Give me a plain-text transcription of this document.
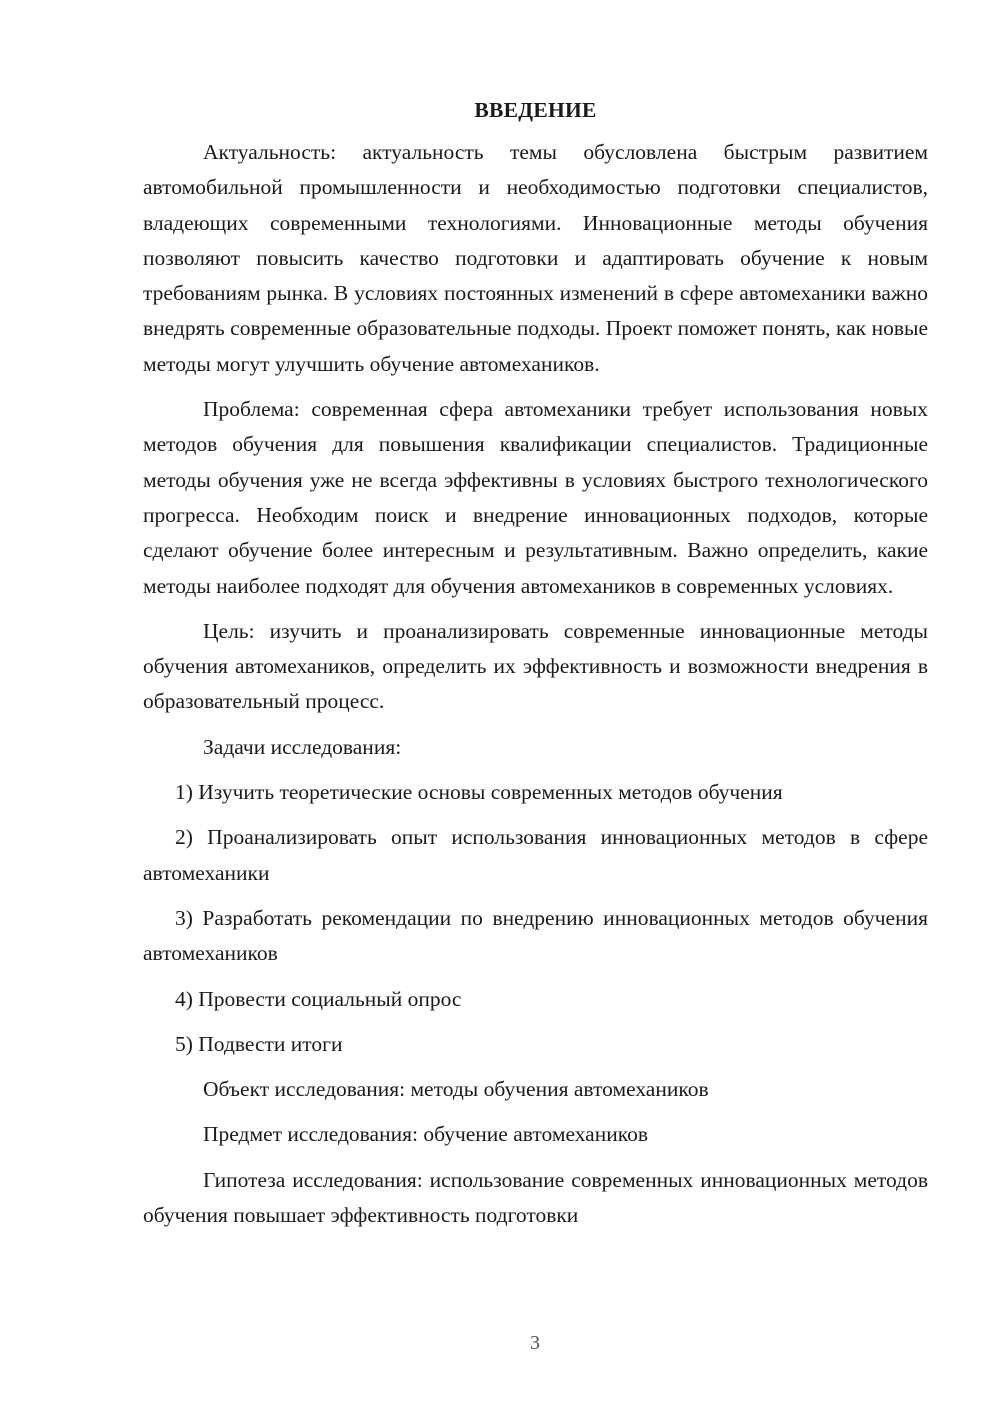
ВВЕДЕНИЕ
Актуальность: актуальность темы обусловлена быстрым развитием автомобильной промышленности и необходимостью подготовки специалистов, владеющих современными технологиями. Инновационные методы обучения позволяют повысить качество подготовки и адаптировать обучение к новым требованиям рынка. В условиях постоянных изменений в сфере автомеханики важно внедрять современные образовательные подходы. Проект поможет понять, как новые методы могут улучшить обучение автомехаников.
Проблема: современная сфера автомеханики требует использования новых методов обучения для повышения квалификации специалистов. Традиционные методы обучения уже не всегда эффективны в условиях быстрого технологического прогресса. Необходим поиск и внедрение инновационных подходов, которые сделают обучение более интересным и результативным. Важно определить, какие методы наиболее подходят для обучения автомехаников в современных условиях.
Цель: изучить и проанализировать современные инновационные методы обучения автомехаников, определить их эффективность и возможности внедрения в образовательный процесс.
Задачи исследования:
1) Изучить теоретические основы современных методов обучения
2) Проанализировать опыт использования инновационных методов в сфере автомеханики
3) Разработать рекомендации по внедрению инновационных методов обучения автомехаников
4) Провести социальный опрос
5) Подвести итоги
Объект исследования: методы обучения автомехаников
Предмет исследования: обучение автомехаников
Гипотеза исследования: использование современных инновационных методов обучения повышает эффективность подготовки
3
